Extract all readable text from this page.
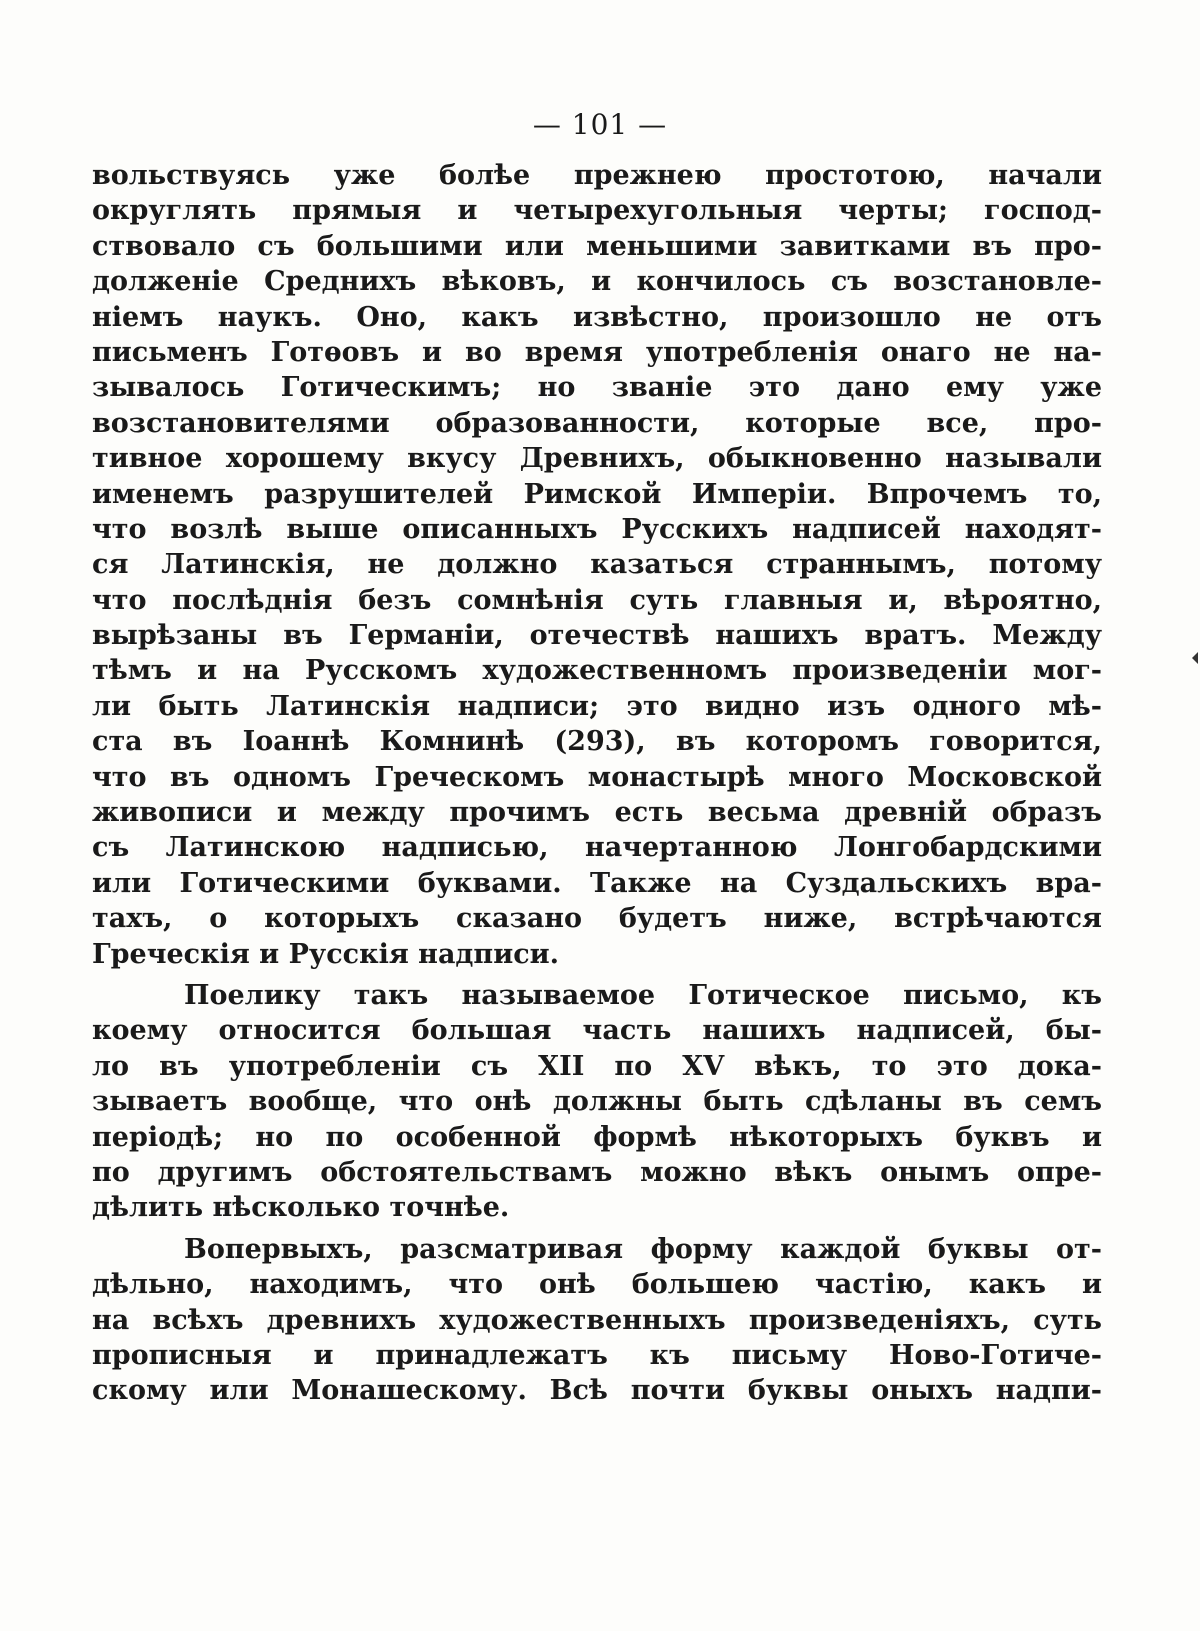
— 101 —
вольствуясь уже болѣе прежнею простотою, начали
округлять прямыя и четырехугольныя черты; господ-
ствовало съ большими или меньшими завитками въ про-
долженіе Среднихъ вѣковъ, и кончилось съ возстановле-
ніемъ наукъ. Оно, какъ извѣстно, произошло не отъ
письменъ Готѳовъ и во время употребленія онаго не на-
зывалось Готическимъ; но званіе это дано ему уже
возстановителями образованности, которые все, про-
тивное хорошему вкусу Древнихъ, обыкновенно называли
именемъ разрушителей Римской Имперіи. Впрочемъ то,
что возлѣ выше описанныхъ Русскихъ надписей находят-
ся Латинскія, не должно казаться страннымъ, потому
что послѣднія безъ сомнѣнія суть главныя и, вѣроятно,
вырѣзаны въ Германіи, отечествѣ нашихъ вратъ. Между
тѣмъ и на Русскомъ художественномъ произведеніи мог-
ли быть Латинскія надписи; это видно изъ одного мѣ-
ста въ Іоаннѣ Комнинѣ (293), въ которомъ говорится,
что въ одномъ Греческомъ монастырѣ много Московской
живописи и между прочимъ есть весьма древній образъ
съ Латинскою надписью, начертанною Лонгобардскими
или Готическими буквами. Также на Суздальскихъ вра-
тахъ, о которыхъ сказано будетъ ниже, встрѣчаются
Греческія и Русскія надписи.
Поелику такъ называемое Готическое письмо, къ
коему относится большая часть нашихъ надписей, бы-
ло въ употребленіи съ XII по XV вѣкъ, то это дока-
зываетъ вообще, что онѣ должны быть сдѣланы въ семъ
періодѣ; но по особенной формѣ нѣкоторыхъ буквъ и
по другимъ обстоятельствамъ можно вѣкъ онымъ опре-
дѣлить нѣсколько точнѣе.
Вопервыхъ, разсматривая форму каждой буквы от-
дѣльно, находимъ, что онѣ большею частію, какъ и
на всѣхъ древнихъ художественныхъ произведеніяхъ, суть
прописныя и принадлежатъ къ письму Ново-Готиче-
скому или Монашескому. Всѣ почти буквы оныхъ надпи-
